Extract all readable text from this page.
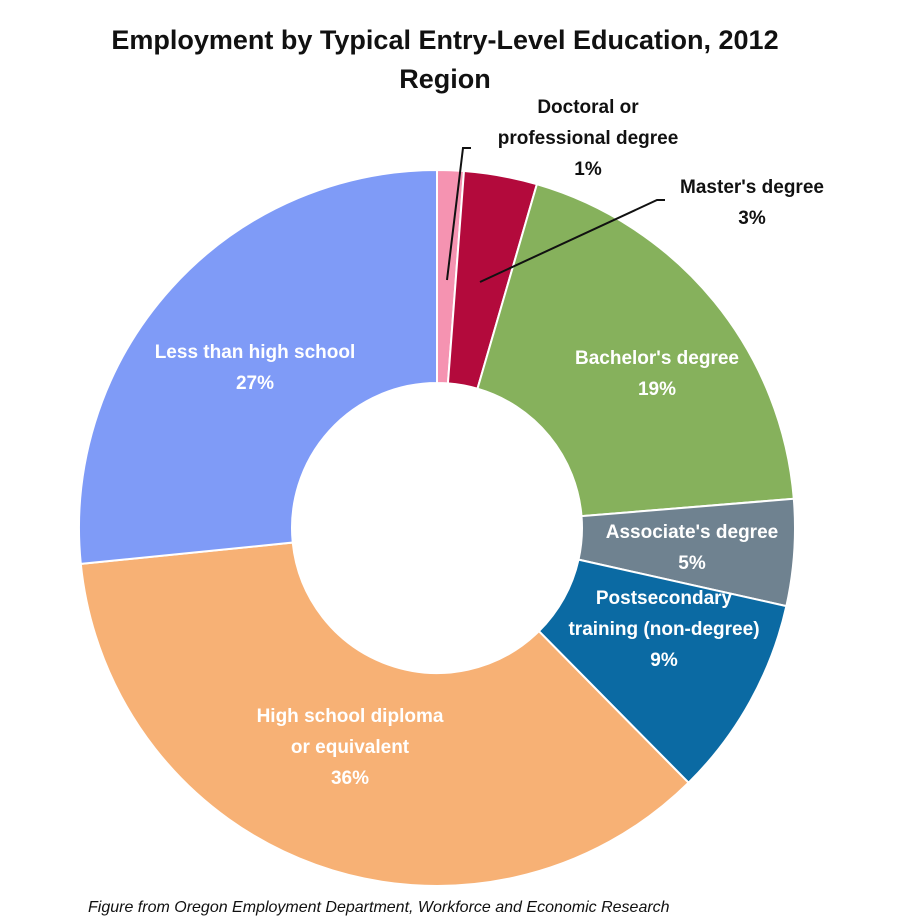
Employment by Typical Entry-Level Education, 2012
Region
Doctoral or professional degree 1%
Master's degree 3%
Bachelor's degree 19%
Associate's degree 5%
Postsecondary training (non-degree) 9%
High school diploma or equivalent 36%
Less than high school 27%
Figure from Oregon Employment Department, Workforce and Economic Research
